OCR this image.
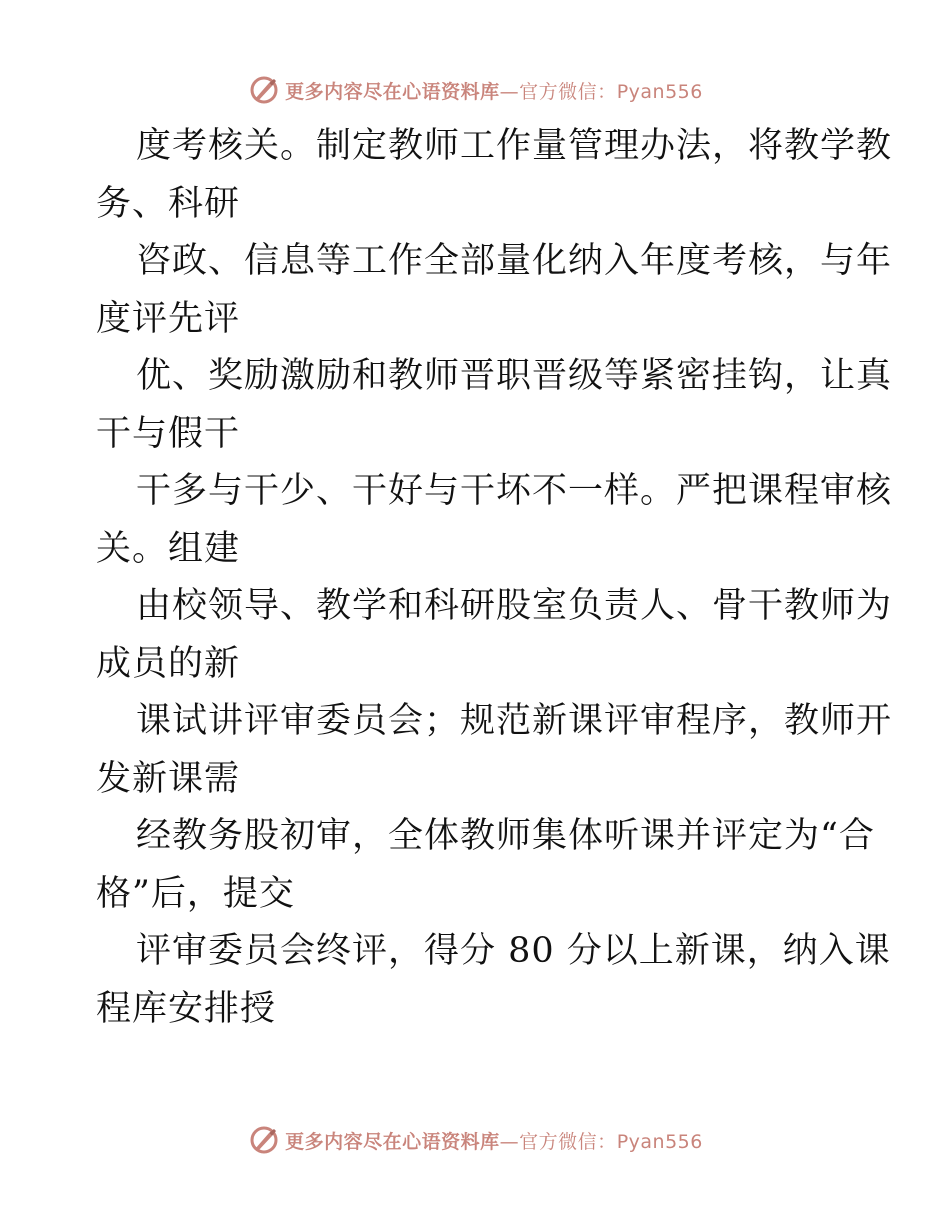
更多内容尽在心语资料库—官方微信：Pyan556
度考核关。制定教师工作量管理办法，将教学教
务、科研
咨政、信息等工作全部量化纳入年度考核，与年
度评先评
优、奖励激励和教师晋职晋级等紧密挂钩，让真
干与假干
干多与干少、干好与干坏不一样。严把课程审核
关。组建
由校领导、教学和科研股室负责人、骨干教师为
成员的新
课试讲评审委员会；规范新课评审程序，教师开
发新课需
经教务股初审，全体教师集体听课并评定为“合
格”后，提交
评审委员会终评，得分 80 分以上新课，纳入课
程库安排授
更多内容尽在心语资料库—官方微信：Pyan556
